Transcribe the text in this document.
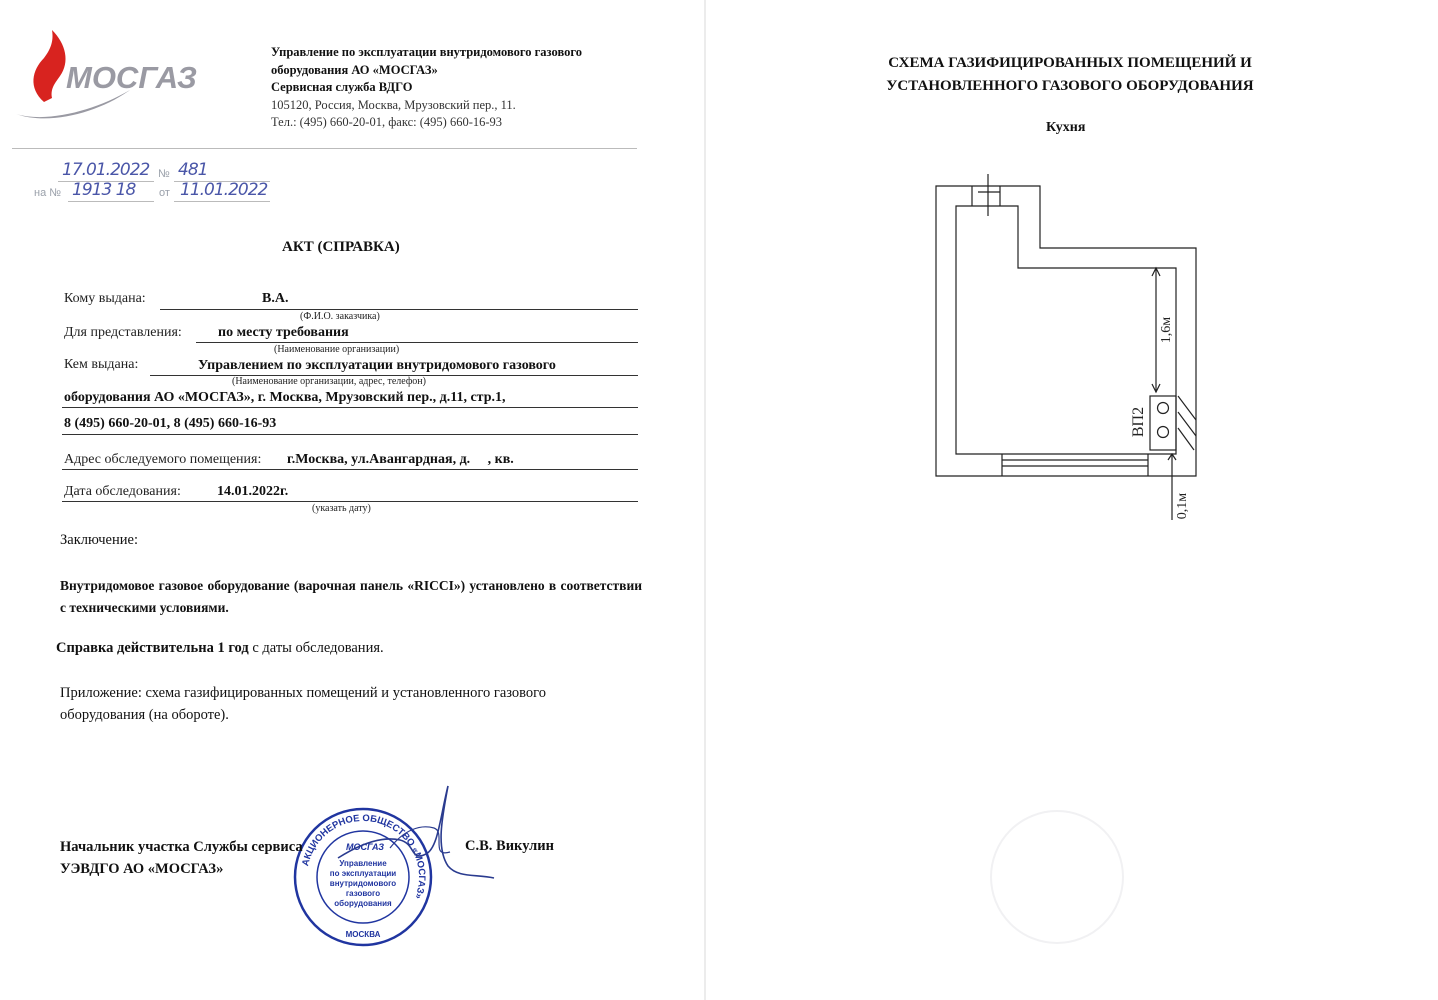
МОСГАЗ
Управление по эксплуатации внутридомового газового
оборудования АО «МОСГАЗ»
Сервисная служба ВДГО
105120, Россия, Москва, Мрузовский пер., 11.
Тел.: (495) 660-20-01, факс: (495) 660-16-93
17.01.2022 № 481
на № 1913 18 от 11.01.2022
АКТ (СПРАВКА)
Кому выдана:	В.А.
(Ф.И.О. заказчика)
Для представления:	по месту требования
(Наименование организации)
Кем выдана:	Управлением по эксплуатации внутридомового газового
(Наименование организации, адрес, телефон)
оборудования АО «МОСГАЗ», г. Москва, Мрузовский пер., д.11, стр.1,
8 (495) 660-20-01, 8 (495) 660-16-93
Адрес обследуемого помещения: г.Москва, ул.Авангардная, д.     , кв.
Дата обследования:	14.01.2022г.
(указать дату)
Заключение:
Внутридомовое газовое оборудование (варочная панель «RICCI») установлено в соответствии с техническими условиями.
Справка действительна 1 год с даты обследования.
Приложение: схема газифицированных помещений и установленного газового
оборудования (на обороте).
АКЦИОНЕРНОЕ ОБЩЕСТВО «МОСГАЗ»
МОСГАЗ
Управление
по эксплуатации
внутридомового
газового
оборудования
МОСКВА
Начальник участка Службы сервиса
УЭВДГО АО «МОСГАЗ»
С.В. Викулин
СХЕМА ГАЗИФИЦИРОВАННЫХ ПОМЕЩЕНИЙ И
УСТАНОВЛЕННОГО ГАЗОВОГО ОБОРУДОВАНИЯ
Кухня
1,6м
ВП2
0,1м
